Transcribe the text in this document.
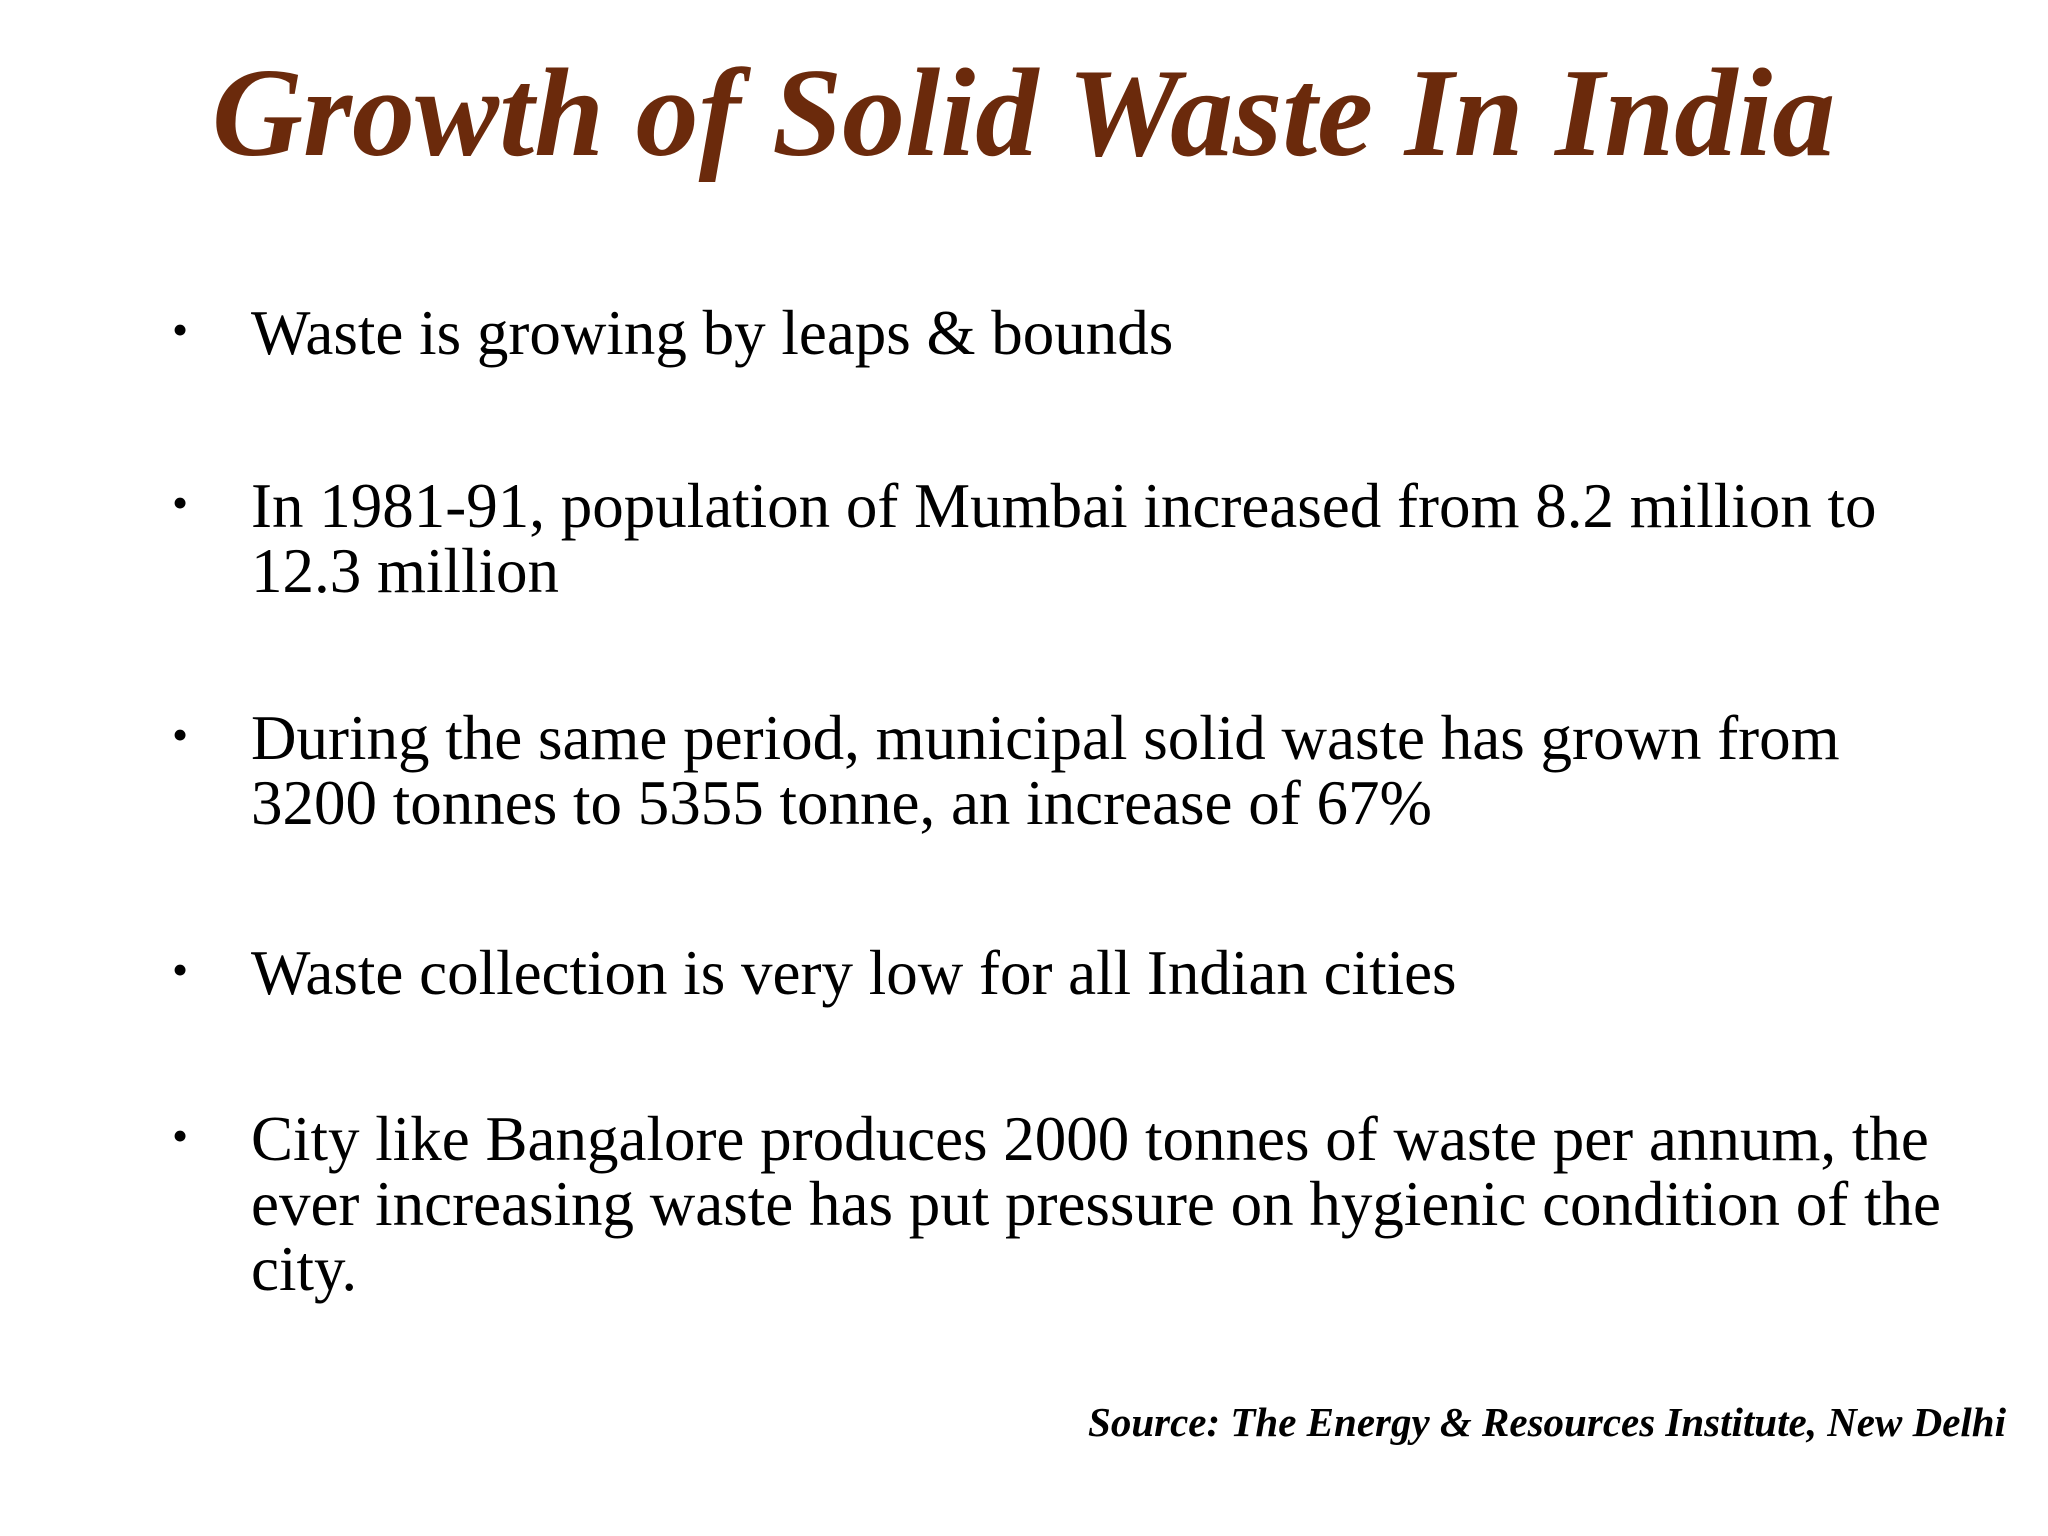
Growth of Solid Waste In India
• Waste is growing by leaps & bounds
• In 1981-91, population of Mumbai increased from 8.2 million to 12.3 million
• During the same period, municipal solid waste has grown from 3200 tonnes to 5355 tonne, an increase of 67%
• Waste collection is very low for all Indian cities
• City like Bangalore produces 2000 tonnes of waste per annum, the ever increasing waste has put pressure on hygienic condition of the city.

Source: The Energy & Resources Institute, New Delhi
